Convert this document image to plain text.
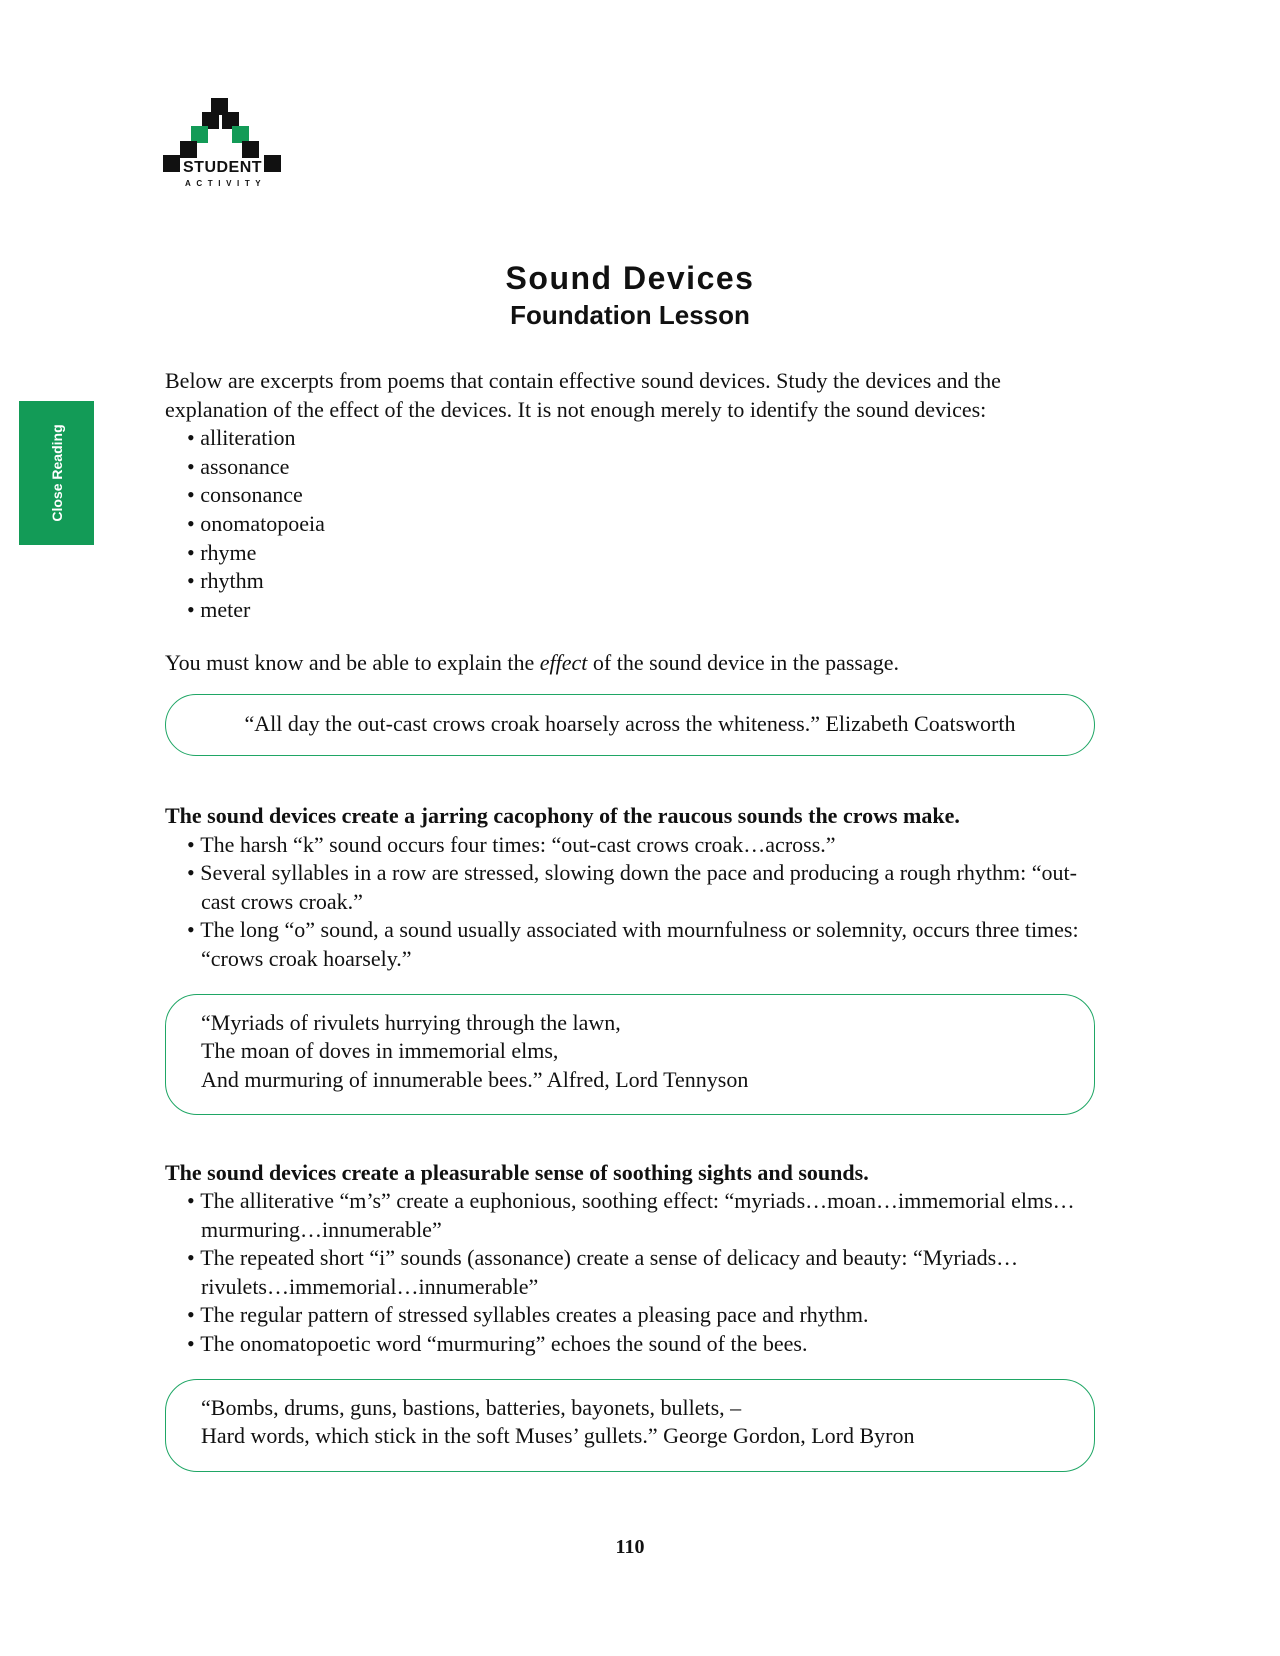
Close Reading
STUDENT
ACTIVITY
Sound Devices
Foundation Lesson

Below are excerpts from poems that contain effective sound devices. Study the devices and the explanation of the effect of the devices. It is not enough merely to identify the sound devices:

• alliteration
• assonance
• consonance
• onomatopoeia
• rhyme
• rhythm
• meter

You must know and be able to explain the effect of the sound device in the passage.

“All day the out-cast crows croak hoarsely across the whiteness.” Elizabeth Coatsworth

The sound devices create a jarring cacophony of the raucous sounds the crows make.

• The harsh “k” sound occurs four times: “out-cast crows croak…across.”
• Several syllables in a row are stressed, slowing down the pace and producing a rough rhythm: “out-cast crows croak.”
• The long “o” sound, a sound usually associated with mournfulness or solemnity, occurs three times: “crows croak hoarsely.”
“Myriads of rivulets hurrying through the lawn,
The moan of doves in immemorial elms,
And murmuring of innumerable bees.” Alfred, Lord Tennyson

The sound devices create a pleasurable sense of soothing sights and sounds.

• The alliterative “m’s” create a euphonious, soothing effect: “myriads…moan…immemorial elms…murmuring…innumerable”
• The repeated short “i” sounds (assonance) create a sense of delicacy and beauty: “Myriads…rivulets…immemorial…innumerable”
• The regular pattern of stressed syllables creates a pleasing pace and rhythm.
• The onomatopoetic word “murmuring” echoes the sound of the bees.
“Bombs, drums, guns, bastions, batteries, bayonets, bullets, –
Hard words, which stick in the soft Muses’ gullets.” George Gordon, Lord Byron
110
